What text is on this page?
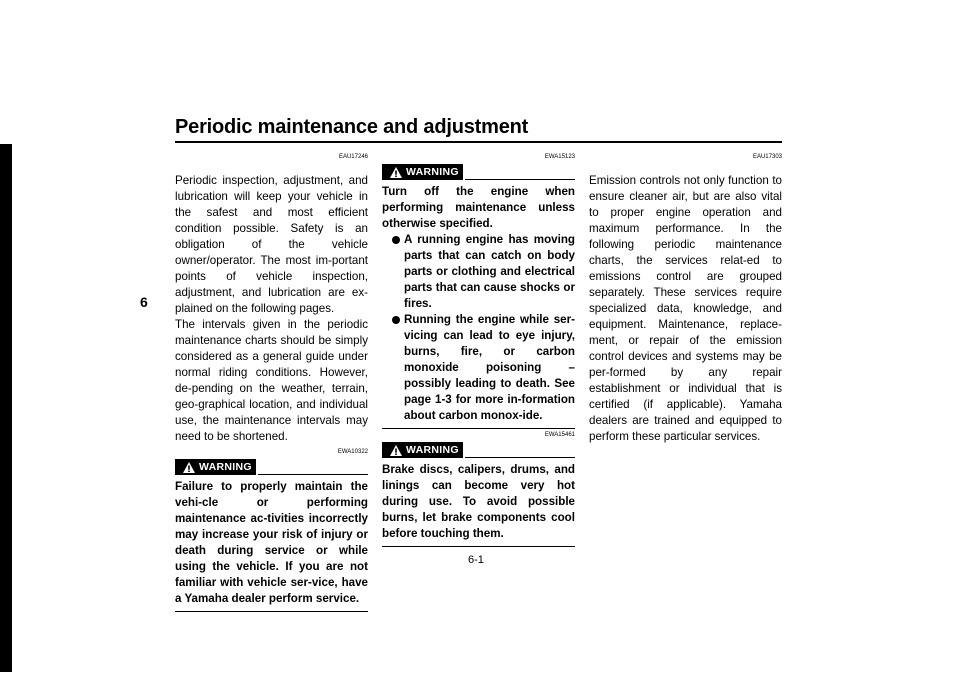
Periodic maintenance and adjustment
6
EAU17246

Periodic inspection, adjustment, and lubrication will keep your vehicle in the safest and most efficient condition possible. Safety is an obligation of the vehicle owner/operator. The most im-portant points of vehicle inspection, adjustment, and lubrication are ex-plained on the following pages.

The intervals given in the periodic maintenance charts should be simply considered as a general guide under normal riding conditions. However, de-pending on the weather, terrain, geo-graphical location, and individual use, the maintenance intervals may need to be shortened.

EWA10322
WARNING
Failure to properly maintain the vehi-cle or performing maintenance ac-tivities incorrectly may increase your risk of injury or death during service or while using the vehicle. If you are not familiar with vehicle ser-vice, have a Yamaha dealer perform service.
EWA15123
WARNING
Turn off the engine when performing maintenance unless otherwise specified.
A running engine has moving parts that can catch on body parts or clothing and electrical parts that can cause shocks or fires.
Running the engine while ser-vicing can lead to eye injury, burns, fire, or carbon monoxide poisoning – possibly leading to death. See page 1-3 for more in-formation about carbon monox-ide.
EWA15461
WARNING
Brake discs, calipers, drums, and linings can become very hot during use. To avoid possible burns, let brake components cool before touching them.
EAU17303
Emission controls not only function to ensure cleaner air, but are also vital to proper engine operation and maximum performance. In the following periodic maintenance charts, the services relat-ed to emissions control are grouped separately. These services require specialized data, knowledge, and equipment. Maintenance, replace-ment, or repair of the emission control devices and systems may be per-formed by any repair establishment or individual that is certified (if applicable). Yamaha dealers are trained and equipped to perform these particular services.
6-1
